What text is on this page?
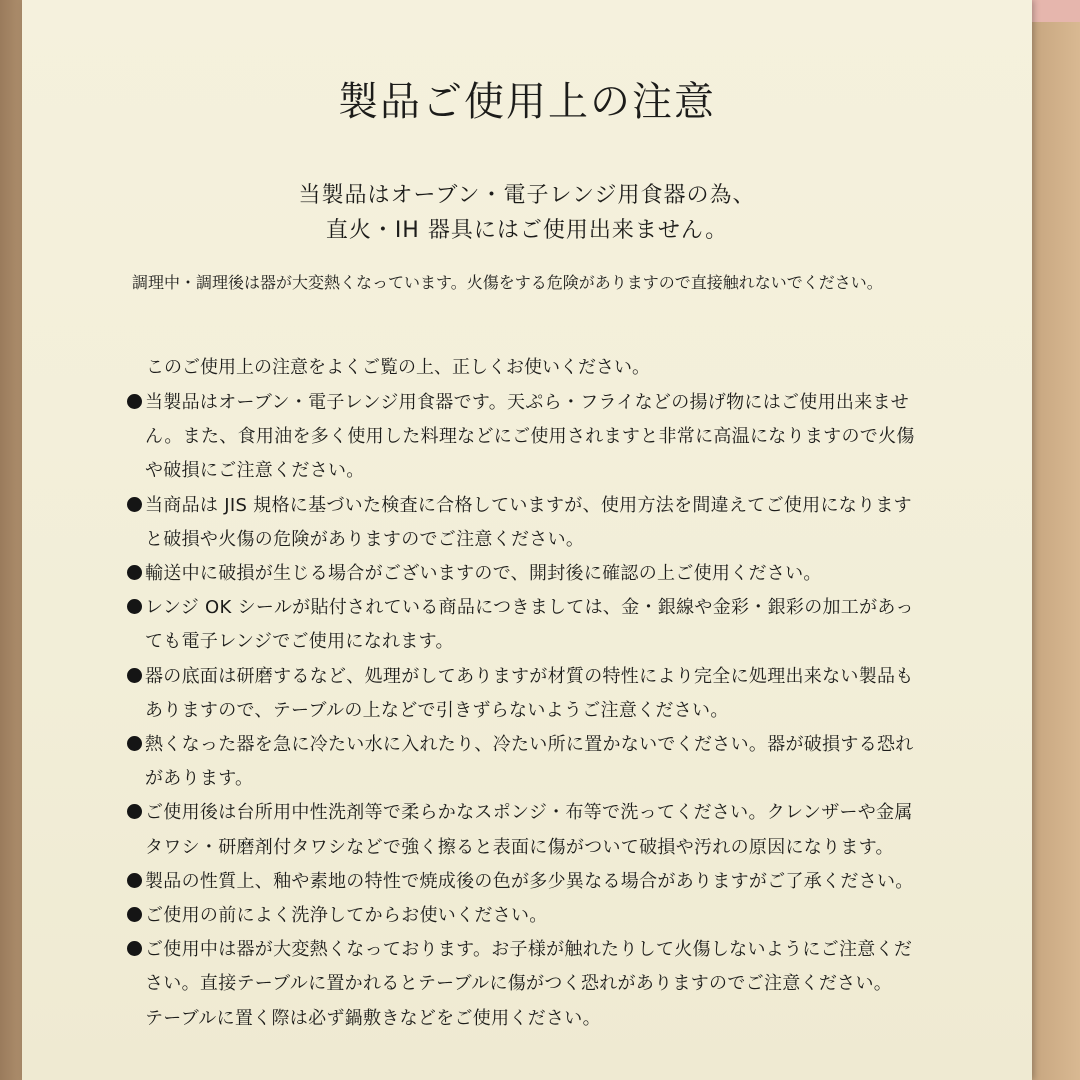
製品ご使用上の注意
当製品はオーブン・電子レンジ用食器の為、
直火・IH 器具にはご使用出来ません。
調理中・調理後は器が大変熱くなっています。火傷をする危険がありますので直接触れないでください。
このご使用上の注意をよくご覧の上、正しくお使いください。
当製品はオーブン・電子レンジ用食器です。天ぷら・フライなどの揚げ物にはご使用出来ませ
ん。また、食用油を多く使用した料理などにご使用されますと非常に高温になりますので火傷
や破損にご注意ください。
当商品は JIS 規格に基づいた検査に合格していますが、使用方法を間違えてご使用になります
と破損や火傷の危険がありますのでご注意ください。
輸送中に破損が生じる場合がございますので、開封後に確認の上ご使用ください。
レンジ OK シールが貼付されている商品につきましては、金・銀線や金彩・銀彩の加工があっ
ても電子レンジでご使用になれます。
器の底面は研磨するなど、処理がしてありますが材質の特性により完全に処理出来ない製品も
ありますので、テーブルの上などで引きずらないようご注意ください。
熱くなった器を急に冷たい水に入れたり、冷たい所に置かないでください。器が破損する恐れ
があります。
ご使用後は台所用中性洗剤等で柔らかなスポンジ・布等で洗ってください。クレンザーや金属
タワシ・研磨剤付タワシなどで強く擦ると表面に傷がついて破損や汚れの原因になります。
製品の性質上、釉や素地の特性で焼成後の色が多少異なる場合がありますがご了承ください。
ご使用の前によく洗浄してからお使いください。
ご使用中は器が大変熱くなっております。お子様が触れたりして火傷しないようにご注意くだ
さい。直接テーブルに置かれるとテーブルに傷がつく恐れがありますのでご注意ください。
テーブルに置く際は必ず鍋敷きなどをご使用ください。
